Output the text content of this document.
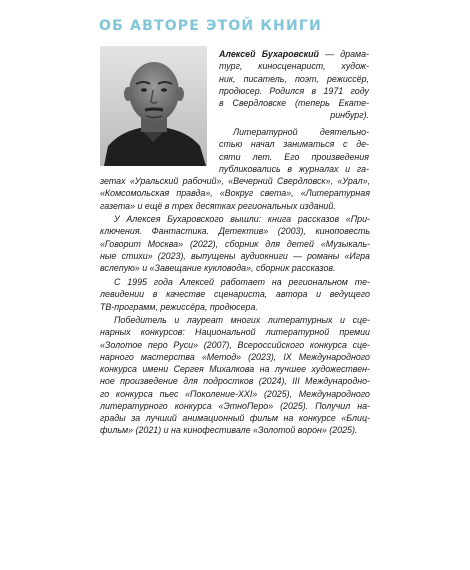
ОБ АВТОРЕ ЭТОЙ КНИГИ

Алексей Бухаровский — драма-
тург, киносценарист, худож-
ник, писатель, поэт, режиссёр,
продюсер. Родился в 1971 году
в Свердловске (теперь Екате-
ринбург).

Литературной деятельно-
стью начал заниматься с де-
сяти лет. Его произведения
публиковались в журналах и га-

зетах «Уральский рабочий», «Вечерний Свердловск», «Урал»,
«Комсомольская правда», «Вокруг света», «Литературная
газета» и ещё в трех десятках региональных изданий.

У Алексея Бухаровского вышли: книга рассказов «При-
ключения. Фантастика. Детектив» (2003), киноповесть
«Говорит Москва» (2022), сборник для детей «Музыкаль-
ные стихи» (2023), выпущены аудиокниги — романы «Игра
вслепую» и «Завещание кукловода», сборник рассказов.

С 1995 года Алексей работает на региональном те-
левидении в качестве сценариста, автора и ведущего
ТВ-программ, режиссёра, продюсера.

Победитель и лауреат многих литературных и сце-
нарных конкурсов: Национальной литературной премии
«Золотое перо Руси» (2007), Всероссийского конкурса сце-
нарного мастерства «Метод» (2023), IX Международного
конкурса имени Сергея Михалкова на лучшее художествен-
ное произведение для подростков (2024), III Международно-
го конкурса пьес «Поколение-XXI» (2025), Международного
литературного конкурса «ЭтноПеро» (2025). Получил на-
грады за лучший анимационный фильм на конкурсе «Блиц-
фильм» (2021) и на кинофестивале «Золотой ворон» (2025).
